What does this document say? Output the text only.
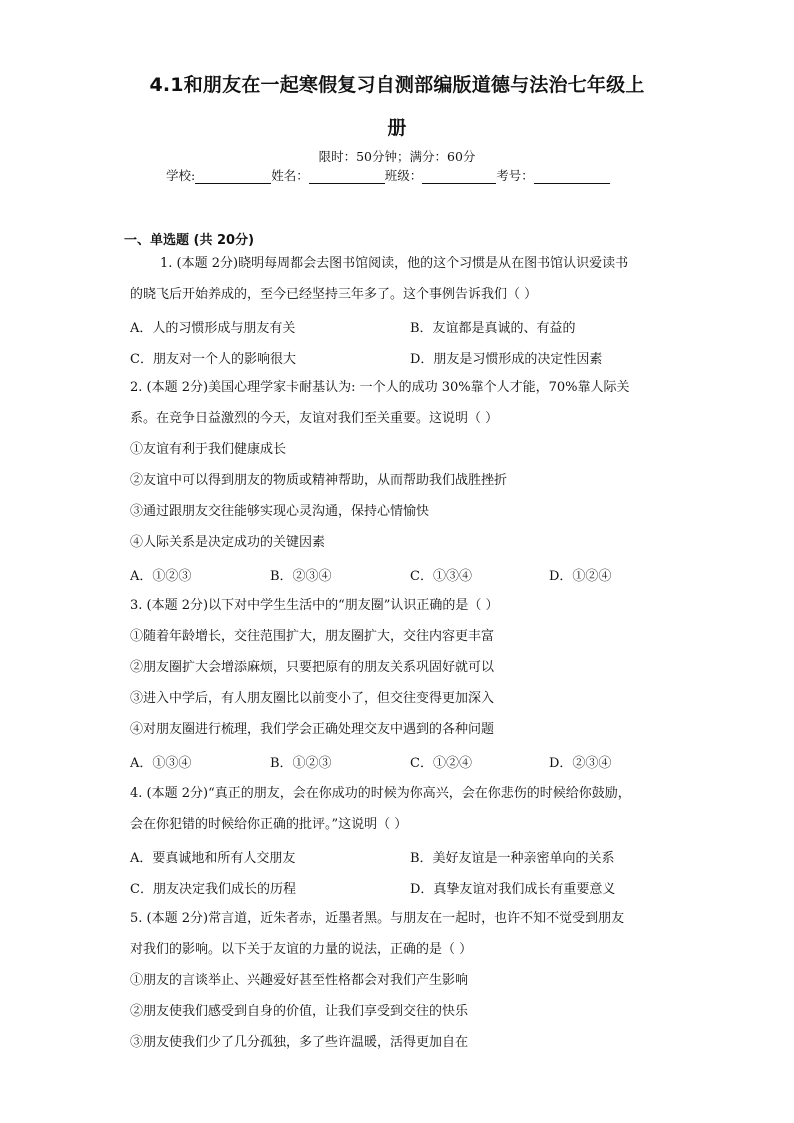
4.1和朋友在一起寒假复习自测部编版道德与法治七年级上
册
限时：50分钟；满分：60分
学校:	姓名：	班级：	考号：
一、单选题 (共 20分)
1. (本题 2分)晓明每周都会去图书馆阅读，他的这个习惯是从在图书馆认识爱读书
的晓飞后开始养成的，至今已经坚持三年多了。这个事例告诉我们（ ）
A．人的习惯形成与朋友有关	B．友谊都是真诚的、有益的
C．朋友对一个人的影响很大	D．朋友是习惯形成的决定性因素
2. (本题 2分)美国心理学家卡耐基认为: 一个人的成功 30%靠个人才能，70%靠人际关
系。在竞争日益激烈的今天，友谊对我们至关重要。这说明（ ）
①友谊有利于我们健康成长
②友谊中可以得到朋友的物质或精神帮助，从而帮助我们战胜挫折
③通过跟朋友交往能够实现心灵沟通，保持心情愉快
④人际关系是决定成功的关键因素
A．①②③	B．②③④	C．①③④	D．①②④
3. (本题 2分)以下对中学生生活中的“朋友圈”认识正确的是（ ）
①随着年龄增长，交往范围扩大，朋友圈扩大，交往内容更丰富
②朋友圈扩大会增添麻烦，只要把原有的朋友关系巩固好就可以
③进入中学后，有人朋友圈比以前变小了，但交往变得更加深入
④对朋友圈进行梳理，我们学会正确处理交友中遇到的各种问题
A．①③④	B．①②③	C．①②④	D．②③④
4. (本题 2分)“真正的朋友，会在你成功的时候为你高兴，会在你悲伤的时候给你鼓励，
会在你犯错的时候给你正确的批评。”这说明（ ）
A．要真诚地和所有人交朋友	B．美好友谊是一种亲密单向的关系
C．朋友决定我们成长的历程	D．真挚友谊对我们成长有重要意义
5. (本题 2分)常言道，近朱者赤，近墨者黑。与朋友在一起时，也许不知不觉受到朋友
对我们的影响。以下关于友谊的力量的说法，正确的是（ ）
①朋友的言谈举止、兴趣爱好甚至性格都会对我们产生影响
②朋友使我们感受到自身的价值，让我们享受到交往的快乐
③朋友使我们少了几分孤独，多了些许温暖，活得更加自在
